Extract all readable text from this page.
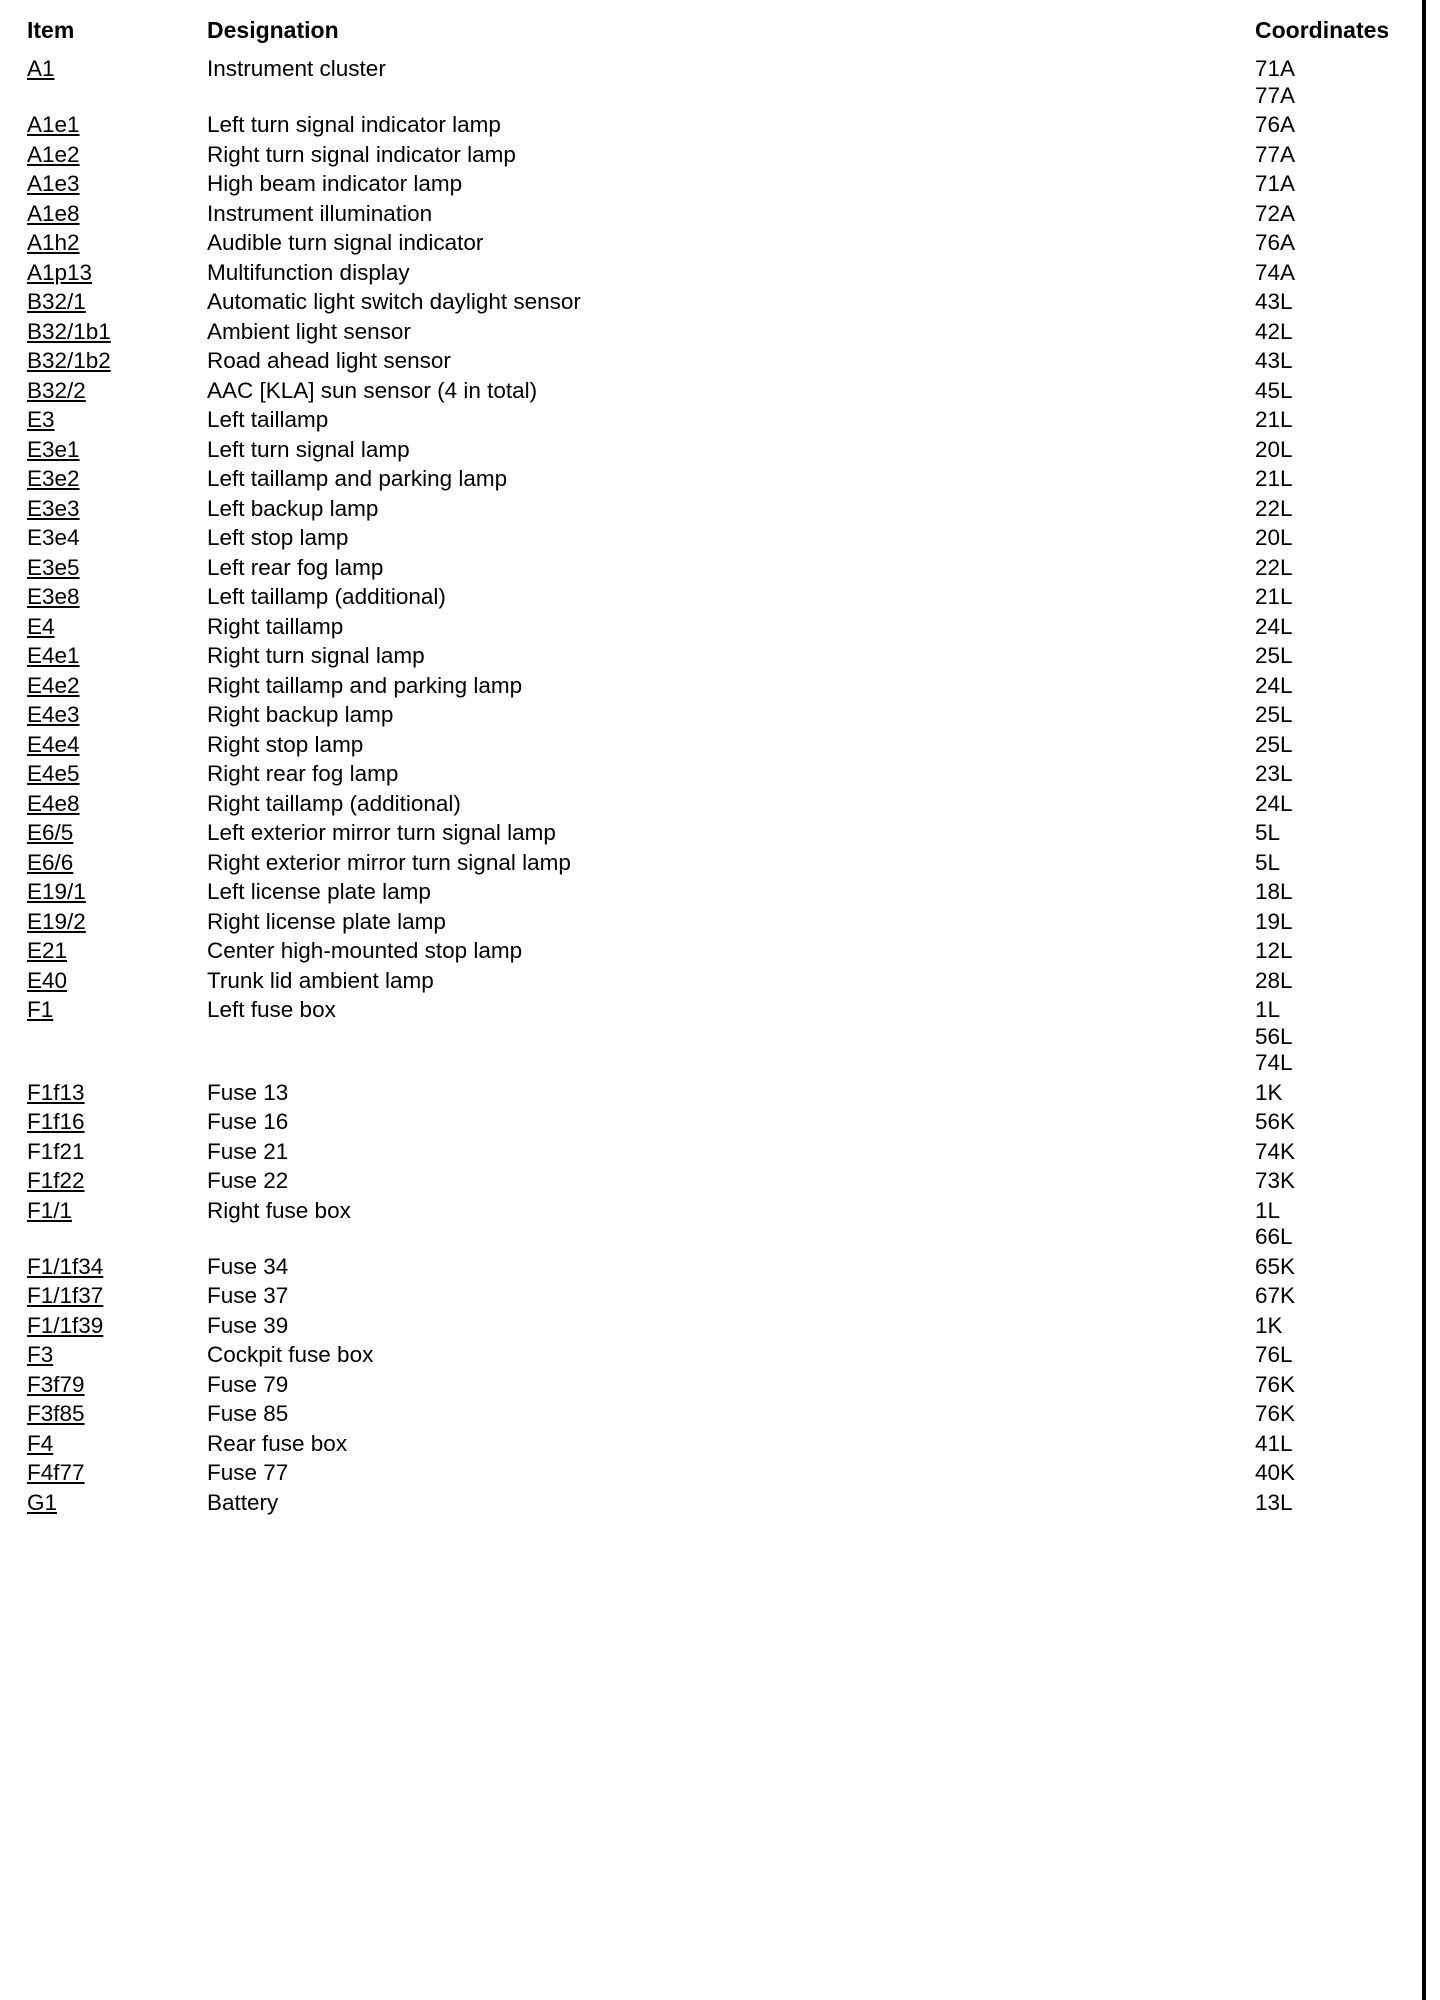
Item	Designation	Coordinates
A1	Instrument cluster	71A
77A
A1e1	Left turn signal indicator lamp	76A
A1e2	Right turn signal indicator lamp	77A
A1e3	High beam indicator lamp	71A
A1e8	Instrument illumination	72A
A1h2	Audible turn signal indicator	76A
A1p13	Multifunction display	74A
B32/1	Automatic light switch daylight sensor	43L
B32/1b1	Ambient light sensor	42L
B32/1b2	Road ahead light sensor	43L
B32/2	AAC [KLA] sun sensor (4 in total)	45L
E3	Left taillamp	21L
E3e1	Left turn signal lamp	20L
E3e2	Left taillamp and parking lamp	21L
E3e3	Left backup lamp	22L
E3e4	Left stop lamp	20L
E3e5	Left rear fog lamp	22L
E3e8	Left taillamp (additional)	21L
E4	Right taillamp	24L
E4e1	Right turn signal lamp	25L
E4e2	Right taillamp and parking lamp	24L
E4e3	Right backup lamp	25L
E4e4	Right stop lamp	25L
E4e5	Right rear fog lamp	23L
E4e8	Right taillamp (additional)	24L
E6/5	Left exterior mirror turn signal lamp	5L
E6/6	Right exterior mirror turn signal lamp	5L
E19/1	Left license plate lamp	18L
E19/2	Right license plate lamp	19L
E21	Center high-mounted stop lamp	12L
E40	Trunk lid ambient lamp	28L
F1	Left fuse box	1L
56L
74L
F1f13	Fuse 13	1K
F1f16	Fuse 16	56K
F1f21	Fuse 21	74K
F1f22	Fuse 22	73K
F1/1	Right fuse box	1L
66L
F1/1f34	Fuse 34	65K
F1/1f37	Fuse 37	67K
F1/1f39	Fuse 39	1K
F3	Cockpit fuse box	76L
F3f79	Fuse 79	76K
F3f85	Fuse 85	76K
F4	Rear fuse box	41L
F4f77	Fuse 77	40K
G1	Battery	13L
